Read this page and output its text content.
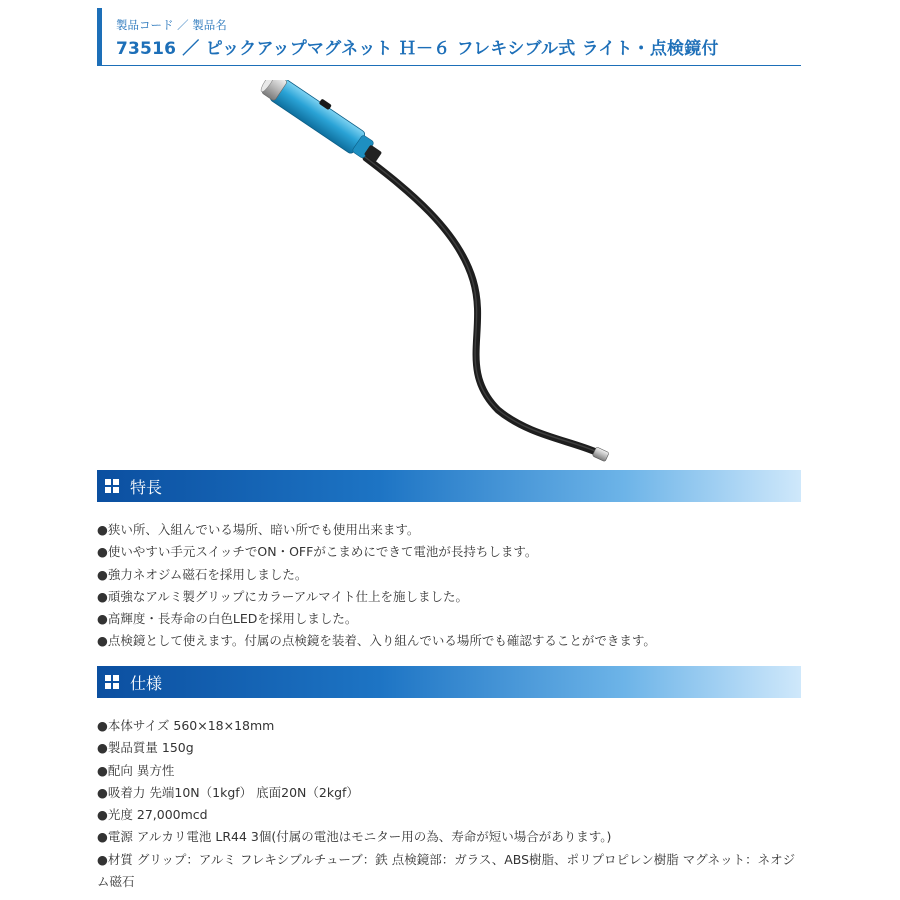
製品コード ／ 製品名
73516 ／ ピックアップマグネット Ｈ－６ フレキシブル式 ライト・点検鏡付
特長
●狭い所、入組んでいる場所、暗い所でも使用出来ます。
●使いやすい手元スイッチでON・OFFがこまめにできて電池が長持ちします。
●強力ネオジム磁石を採用しました。
●頑強なアルミ製グリップにカラーアルマイト仕上を施しました。
●高輝度・長寿命の白色LEDを採用しました。
●点検鏡として使えます。付属の点検鏡を装着、入り組んでいる場所でも確認することができます。
仕様
●本体サイズ 560×18×18mm
●製品質量 150g
●配向 異方性
●吸着力 先端10N（1kgf） 底面20N（2kgf）
●光度 27,000mcd
●電源 アルカリ電池 LR44 3個(付属の電池はモニター用の為、寿命が短い場合があります。)
●材質 グリップ：アルミ フレキシブルチューブ：鉄 点検鏡部：ガラス、ABS樹脂、ポリプロピレン樹脂 マグネット：ネオジム磁石
